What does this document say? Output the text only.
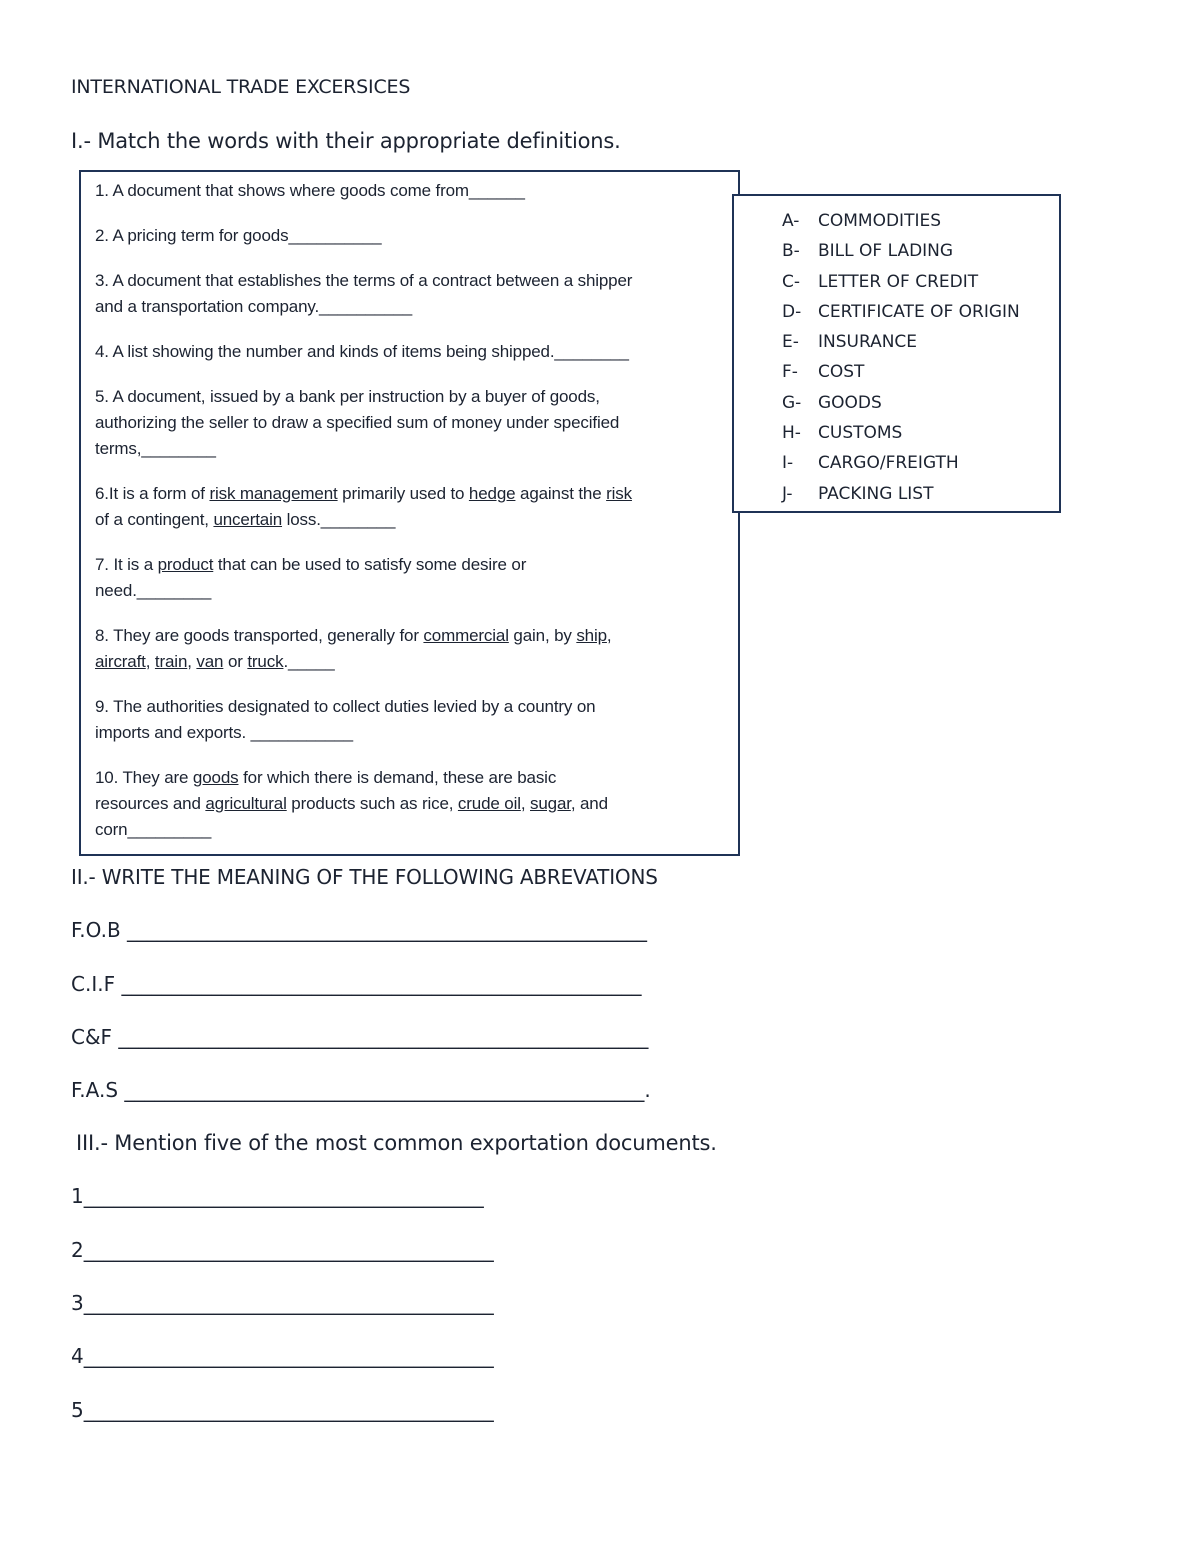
INTERNATIONAL TRADE EXCERSICES
I.- Match the words with their appropriate definitions.
1. A document that shows where goods come from______
2. A pricing term for goods__________
3. A document that establishes the terms of a contract between a shipper
and a transportation company.__________
4. A list showing the number and kinds of items being shipped.________
5. A document, issued by a bank per instruction by a buyer of goods,
authorizing the seller to draw a specified sum of money under specified
terms,________
6.It is a form of risk management primarily used to hedge against the risk
of a contingent, uncertain loss.________
7. It is a product that can be used to satisfy some desire or
need.________
8. They are goods transported, generally for commercial gain, by ship,
aircraft, train, van or truck._____
9. The authorities designated to collect duties levied by a country on
imports and exports. ___________
10. They are goods for which there is demand, these are basic
resources and agricultural products such as rice, crude oil, sugar, and
corn_________
A- COMMODITIES
B- BILL OF LADING
C- LETTER OF CREDIT
D- CERTIFICATE OF ORIGIN
E- INSURANCE
F- COST
G- GOODS
H- CUSTOMS
I- CARGO/FREIGTH
J- PACKING LIST
II.- WRITE THE MEANING OF THE FOLLOWING ABREVATIONS
F.O.B ____________________________________________________
C.I.F ____________________________________________________
C&F _____________________________________________________
F.A.S ____________________________________________________.
III.- Mention five of the most common exportation documents.
1________________________________________
2_________________________________________
3_________________________________________
4_________________________________________
5_________________________________________
